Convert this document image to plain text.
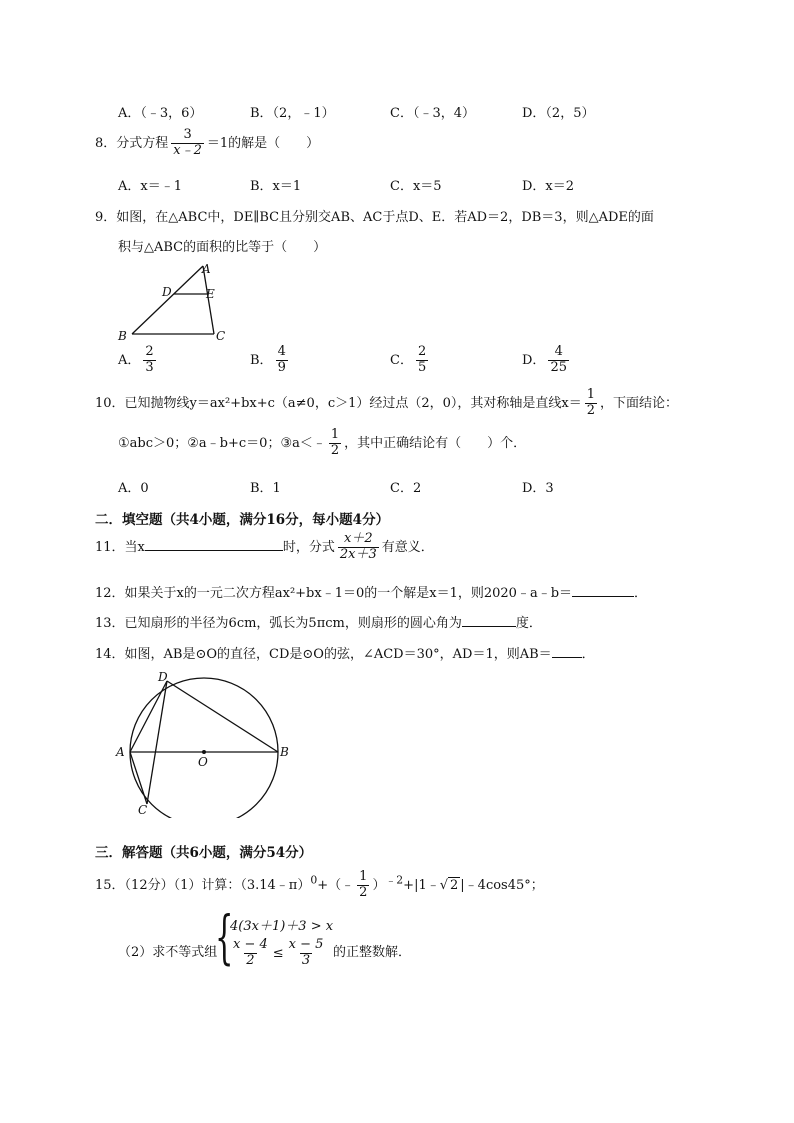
A．（﹣3，6）	B．（2，﹣1）	C．（﹣3，4）	D．（2，5）
8．分式方程 $\frac{3}{x﹣2} =1$的解是（　　）
A．x＝﹣1	B．x＝1	C．x＝5	D．x＝2
9．如图，在△ABC中，DE∥BC且分别交AB、AC于点D、E．若AD＝2，DB＝3，则△ADE的面
积与△ABC的面积的比等于（　　）
A
D	E
B	C
A． $\frac{2}{3}$	B． $\frac{4}{9}$	C． $\frac{2}{5}$	D． $\frac{4}{25}$
10．已知抛物线y＝ax²+bx+c（a≠0，c＞1）经过点（2，0），其对称轴是直线$x= \frac{1}{2}$ ，下面结论：
①abc＞0；②a﹣b+c＝0；③a＜﹣ $\frac{1}{2}$ ，其中正确结论有（　　）个．
A．0	B．1	C．2	D．3
二．填空题（共4小题，满分16分，每小题4分）
11．当x	时，分式 $\frac{x+2}{2x+3}$ 有意义．
12．如果关于x的一元二次方程ax²+bx﹣1＝0的一个解是x＝1，则2020﹣a﹣b＝	．
13．已知扇形的半径为6cm，弧长为5πcm，则扇形的圆心角为	度．
14．如图，AB是⊙O的直径，CD是⊙O的弦，∠ACD＝30°，AD＝1，则AB＝ ．
D
A
O
B
C
三．解答题（共6小题，满分54分）
15．（12分）（1）计算：（3.14﹣π）$^0$+（﹣ $\frac{1}{2}$ ）$^{﹣2}$+|1﹣√ 2 |﹣4cos45°；
（2）求不等式组
{
4(3x＋1)＋3 > x
$\frac{x - 4}{2} \le \frac{x - 5}{3}$ 的正整数解．
